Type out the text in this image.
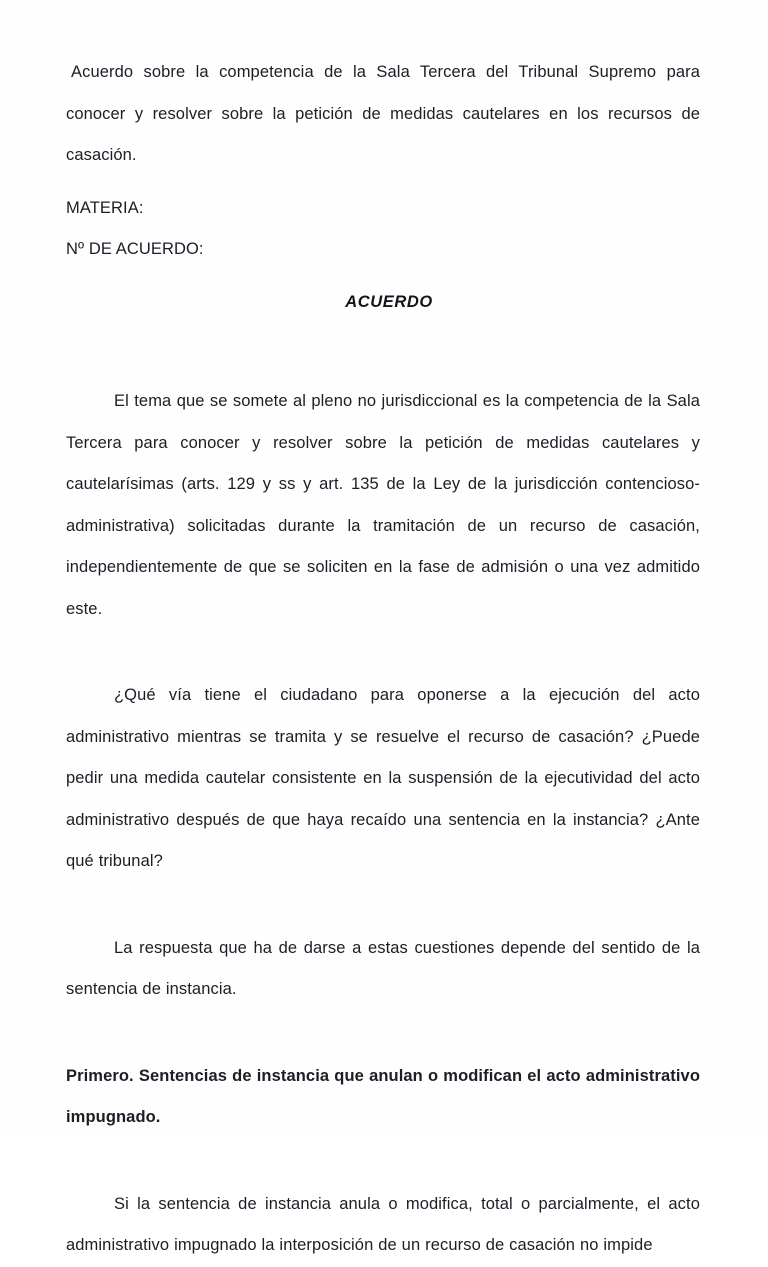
Acuerdo sobre la competencia de la Sala Tercera del Tribunal Supremo para conocer y resolver sobre la petición de medidas cautelares en los recursos de casación.

MATERIA:

Nº DE ACUERDO:

ACUERDO

El tema que se somete al pleno no jurisdiccional es la competencia de la Sala Tercera para conocer y resolver sobre la petición de medidas cautelares y cautelarísimas (arts. 129 y ss y art. 135 de la Ley de la jurisdicción contencioso-administrativa) solicitadas durante la tramitación de un recurso de casación, independientemente de que se soliciten en la fase de admisión o una vez admitido este.

¿Qué vía tiene el ciudadano para oponerse a la ejecución del acto administrativo mientras se tramita y se resuelve el recurso de casación? ¿Puede pedir una medida cautelar consistente en la suspensión de la ejecutividad del acto administrativo después de que haya recaído una sentencia en la instancia? ¿Ante qué tribunal?

La respuesta que ha de darse a estas cuestiones depende del sentido de la sentencia de instancia.

Primero. Sentencias de instancia que anulan o modifican el acto administrativo impugnado.

Si la sentencia de instancia anula o modifica, total o parcialmente, el acto administrativo impugnado la interposición de un recurso de casación no impide
